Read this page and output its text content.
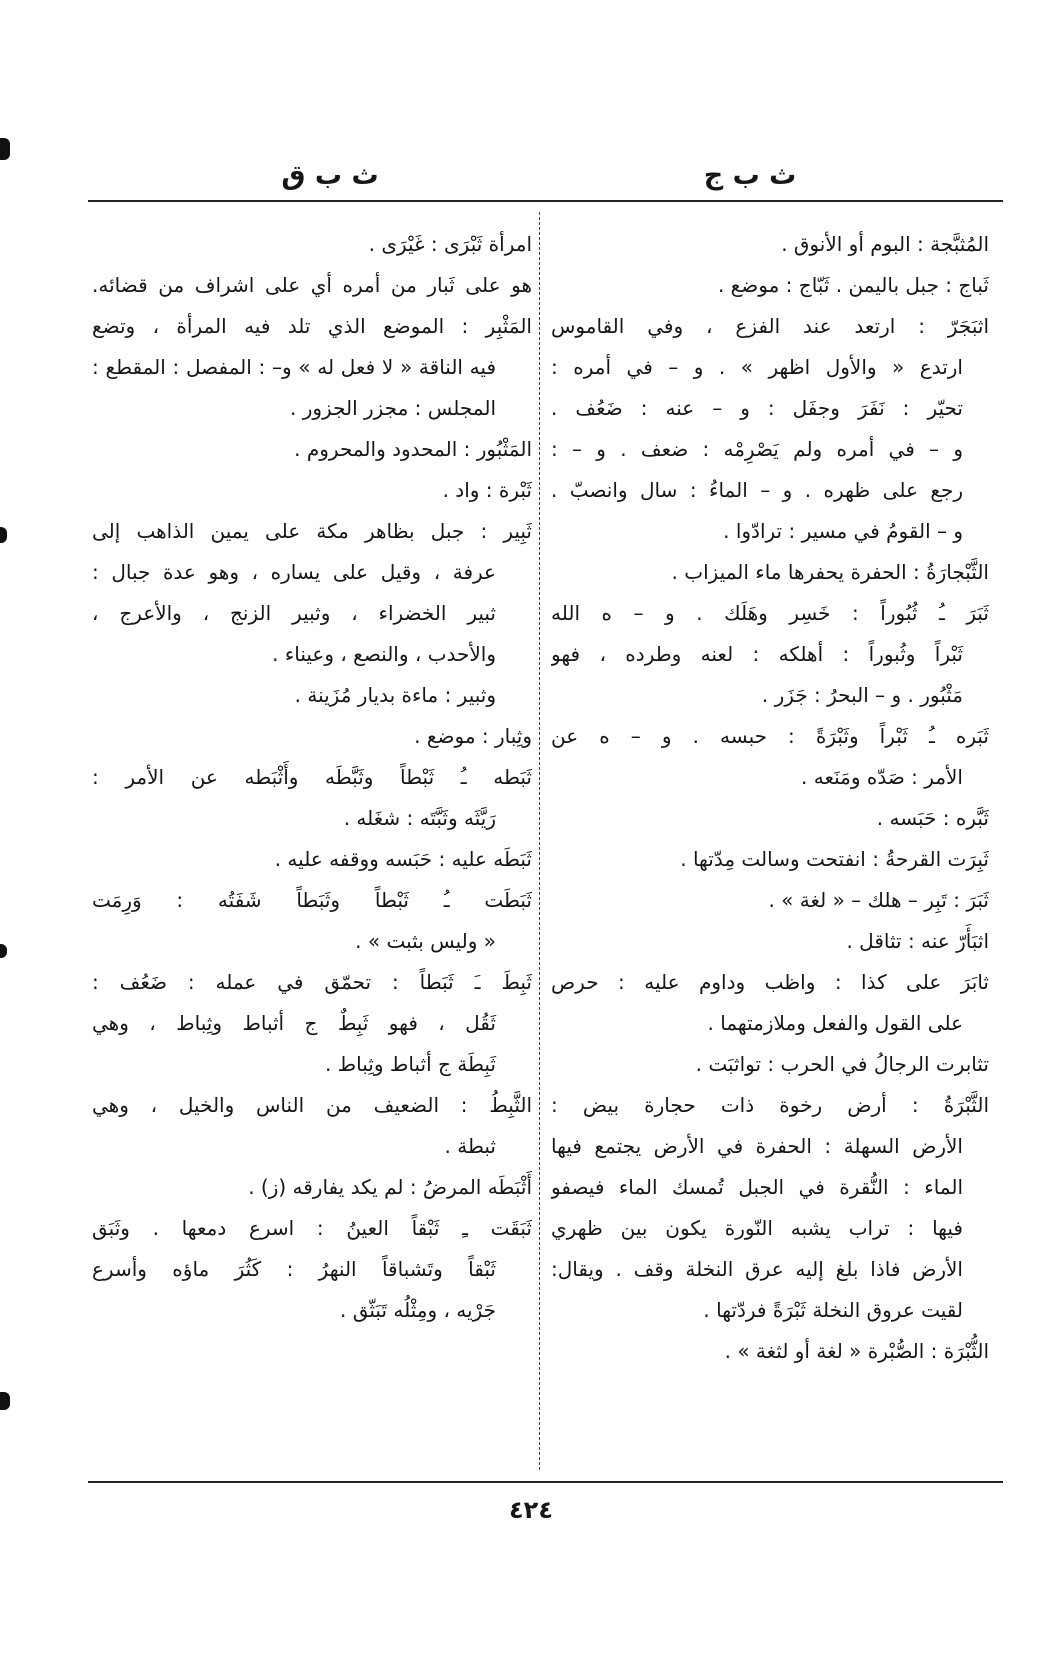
ث ب ج
ث ب ق
المُثبَّجة : البوم أو الأنوق .
ثَباج : جبل باليمن . ثَبّاج : موضع .
اثبَجَرّ : ارتعد عند الفزع ، وفي القاموس
ارتدع « والأول اظهر » . و – في أمره :
تحيّر : نَفَرَ وجفَل : و – عنه : ضَعُف .
و – في أمره ولم يَصْرِمْه : ضعف . و – :
رجع على ظهره . و – الماءُ : سال وانصبّ .
و – القومُ في مسير : ترادّوا .
الثَّبْجارَةُ : الحفرة يحفرها ماء الميزاب .
ثَبَرَ ـُ ثُبُوراً : خَسِر وهَلَك . و – ه الله
ثَبْراً وثُبوراً : أهلكه : لعنه وطرده ، فهو
مَثْبُور . و – البحرُ : جَزَر .
ثَبَره ـُ ثَبْراً وثَبْرَةً : حبسه . و – ه عن
الأمر : صَدّه ومَنَعه .
ثَبَّره : حَبَسه .
ثَبِرَت القرحةُ : انفتحت وسالت مِدّتها .
ثَبَرَ : تَبِر – هلك – « لغة » .
اثبَأَرّ عنه : تثاقل .
ثابَرَ على كذا : واظب وداوم عليه : حرص
على القول والفعل وملازمتهما .
تثابرت الرجالُ في الحرب : تواثبَت .
الثَّبْرَةُ : أرض رخوة ذات حجارة بيض :
الأرض السهلة : الحفرة في الأرض يجتمع فيها
الماء : النُّقرة في الجبل تُمسك الماء فيصفو
فيها : تراب يشبه النّورة يكون بين ظهري
الأرض فاذا بلغ إليه عرق النخلة وقف . ويقال:
لقيت عروق النخلة ثَبْرَةً فردّتها .
الثُّبْرَة : الصُّبْرة « لغة أو لثغة » .
امرأة ثَبْرَى : غَيْرَى .
هو على ثَبار من أمره أي على اشراف من قضائه.
المَثْبِر : الموضع الذي تلد فيه المرأة ، وتضع
فيه الناقة « لا فعل له » و– : المفصل : المقطع :
المجلس : مجزر الجزور .
المَثْبُور : المحدود والمحروم .
ثَبْرة : واد .
ثَبِير : جبل بظاهر مكة على يمين الذاهب إلى
عرفة ، وقيل على يساره ، وهو عدة جبال :
ثبير الخضراء ، وثبير الزنج ، والأعرج ،
والأحدب ، والنصع ، وعيناء .
وثبير : ماءة بديار مُزَينة .
وثِبار : موضع .
ثَبَطه ـُ ثَبْطاً وثَبَّطَه وأَثْبَطه عن الأمر :
رَيَّثَه وثَبَّتَه : شغَله .
ثَبَطَه عليه : حَبَسه ووقفه عليه .
ثَبَطَت ـُ ثَبْطاً وثَبَطاً شَفَتُه : وَرِمَت
« وليس بثبت » .
ثَبِطَ ـَ ثَبَطاً : تحمّق في عمله : ضَعُف :
ثَقُل ، فهو ثَبِطٌ ج أثباط وثِباط ، وهي
ثَبِطَة ج أثباط وثِباط .
الثَّبِطُ : الضعيف من الناس والخيل ، وهي
ثبطة .
أَثْبَطَه المرضُ : لم يكد يفارقه (ز) .
ثَبَقَت ـِ ثَبْقاً العينُ : اسرع دمعها . وثَبَق
ثَبْقاً وتَشباقاً النهرُ : كَثُرَ ماؤه وأسرع
جَرْيه ، ومِثْلُه تَبَثّق .
٤٢٤
